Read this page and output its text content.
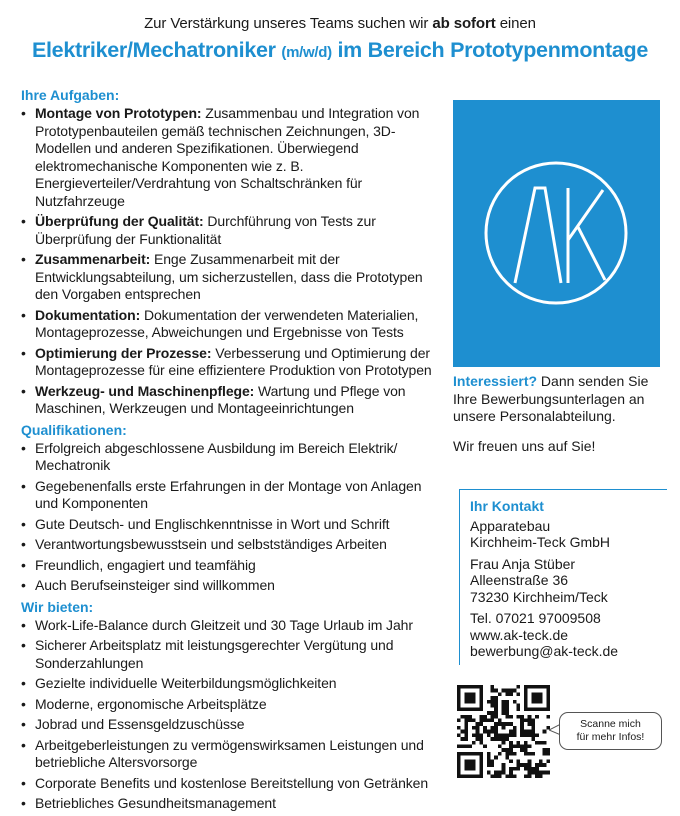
Zur Verstärkung unseres Teams suchen wir ab sofort einen
Elektriker/Mechatroniker (m/w/d) im Bereich Prototypenmontage
Ihre Aufgaben:
• Montage von Prototypen: Zusammenbau und Integration von Prototypenbauteilen gemäß technischen Zeichnungen, 3D-Modellen und anderen Spezifikationen. Überwiegend elektromechanische Komponenten wie z. B. Energieverteiler/Verdrahtung von Schaltschränken für Nutzfahrzeuge
• Überprüfung der Qualität: Durchführung von Tests zur Überprüfung der Funktionalität
• Zusammenarbeit: Enge Zusammenarbeit mit der Entwicklungsabteilung, um sicherzustellen, dass die Prototypen den Vorgaben entsprechen
• Dokumentation: Dokumentation der verwendeten Materialien, Montageprozesse, Abweichungen und Ergebnisse von Tests
• Optimierung der Prozesse: Verbesserung und Optimierung der Montageprozesse für eine effizientere Produktion von Prototypen
• Werkzeug- und Maschinenpflege: Wartung und Pflege von Maschinen, Werkzeugen und Montageeinrichtungen
Qualifikationen:
• Erfolgreich abgeschlossene Ausbildung im Bereich Elektrik/ Mechatronik
• Gegebenenfalls erste Erfahrungen in der Montage von Anlagen und Komponenten
• Gute Deutsch- und Englischkenntnisse in Wort und Schrift
• Verantwortungsbewusstsein und selbstständiges Arbeiten
• Freundlich, engagiert und teamfähig
• Auch Berufseinsteiger sind willkommen
Wir bieten:
• Work-Life-Balance durch Gleitzeit und 30 Tage Urlaub im Jahr
• Sicherer Arbeitsplatz mit leistungsgerechter Vergütung und Sonderzahlungen
• Gezielte individuelle Weiterbildungsmöglichkeiten
• Moderne, ergonomische Arbeitsplätze
• Jobrad und Essensgeldzuschüsse
• Arbeitgeberleistungen zu vermögenswirksamen Leistungen und betriebliche Altersvorsorge
• Corporate Benefits und kostenlose Bereitstellung von Getränken
• Betriebliches Gesundheitsmanagement

Interessiert? Dann senden Sie Ihre Bewerbungsunterlagen an unsere Personalabteilung.

Wir freuen uns auf Sie!

Ihr Kontakt
Apparatebau
Kirchheim-Teck GmbH
Frau Anja Stüber
Alleenstraße 36
73230 Kirchheim/Teck
Tel. 07021 97009508
www.ak-teck.de
bewerbung@ak-teck.de
Scanne mich
für mehr Infos!
